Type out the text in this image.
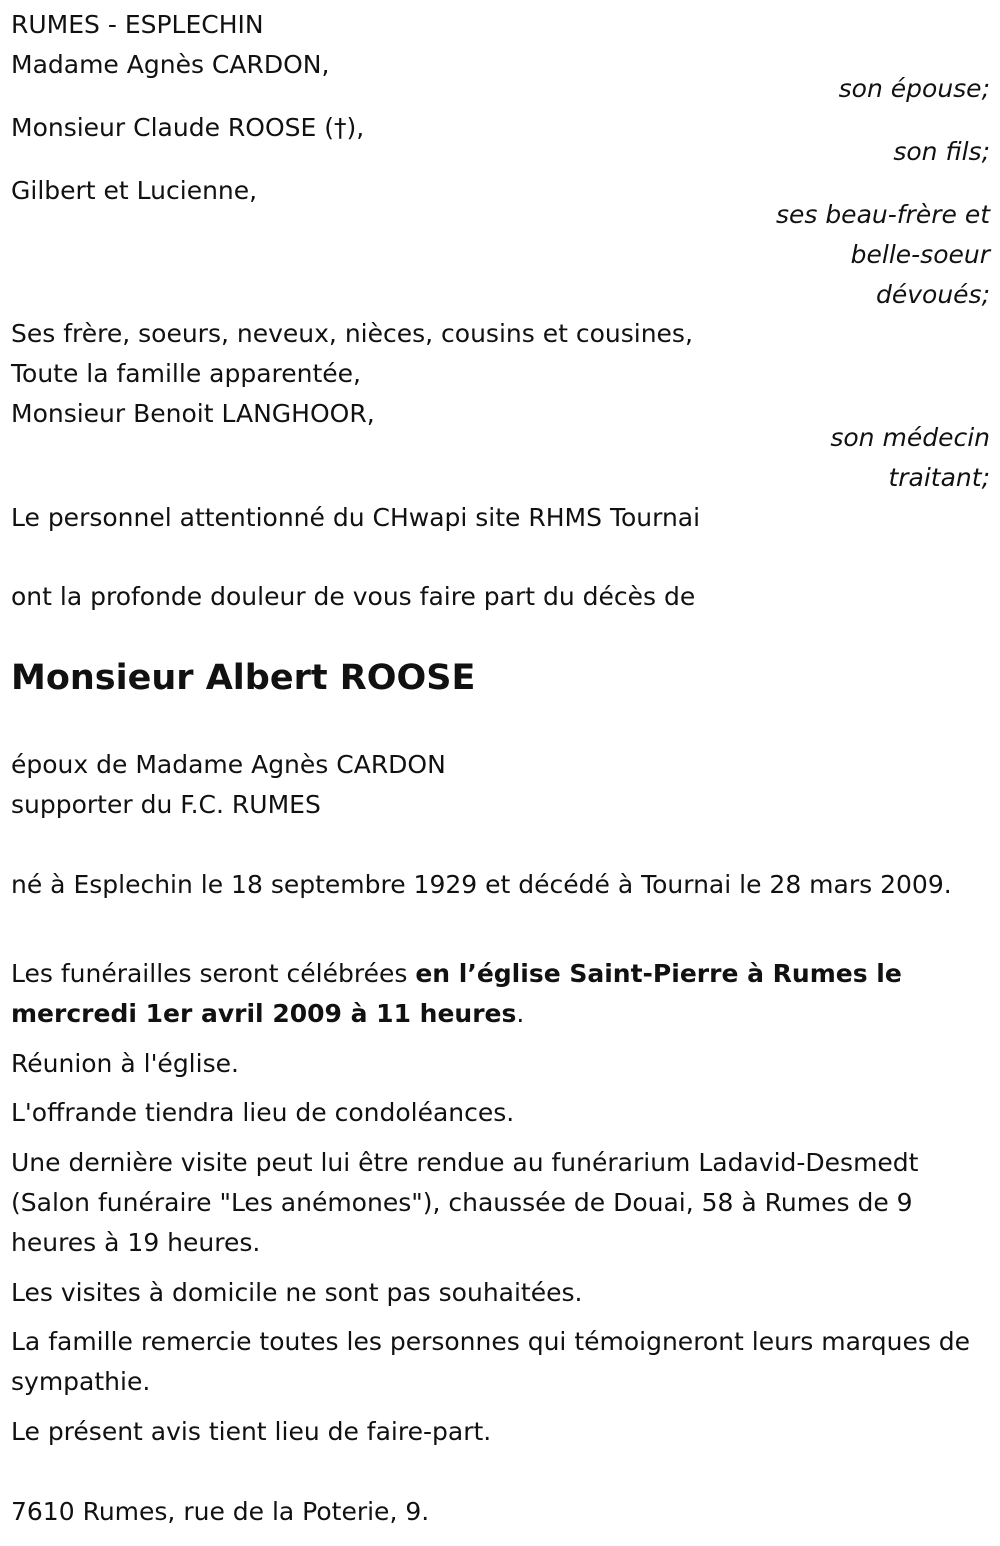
RUMES - ESPLECHIN
Madame Agnès CARDON,
son épouse;
Monsieur Claude ROOSE (†),
son fils;
Gilbert et Lucienne,
ses beau-frère et
belle-soeur
dévoués;
Ses frère, soeurs, neveux, nièces, cousins et cousines,
Toute la famille apparentée,
Monsieur Benoit LANGHOOR,
son médecin
traitant;
Le personnel attentionné du CHwapi site RHMS Tournai
ont la profonde douleur de vous faire part du décès de
Monsieur Albert ROOSE
époux de Madame Agnès CARDON
supporter du F.C. RUMES
né à Esplechin le 18 septembre 1929 et décédé à Tournai le 28 mars 2009.
Les funérailles seront célébrées en l’église Saint-Pierre à Rumes le mercredi 1er avril 2009 à 11 heures.
Réunion à l'église.
L'offrande tiendra lieu de condoléances.
Une dernière visite peut lui être rendue au funérarium Ladavid-Desmedt (Salon funéraire "Les anémones"), chaussée de Douai, 58 à Rumes de 9 heures à 19 heures.
Les visites à domicile ne sont pas souhaitées.
La famille remercie toutes les personnes qui témoigneront leurs marques de sympathie.
Le présent avis tient lieu de faire-part.
7610 Rumes, rue de la Poterie, 9.
